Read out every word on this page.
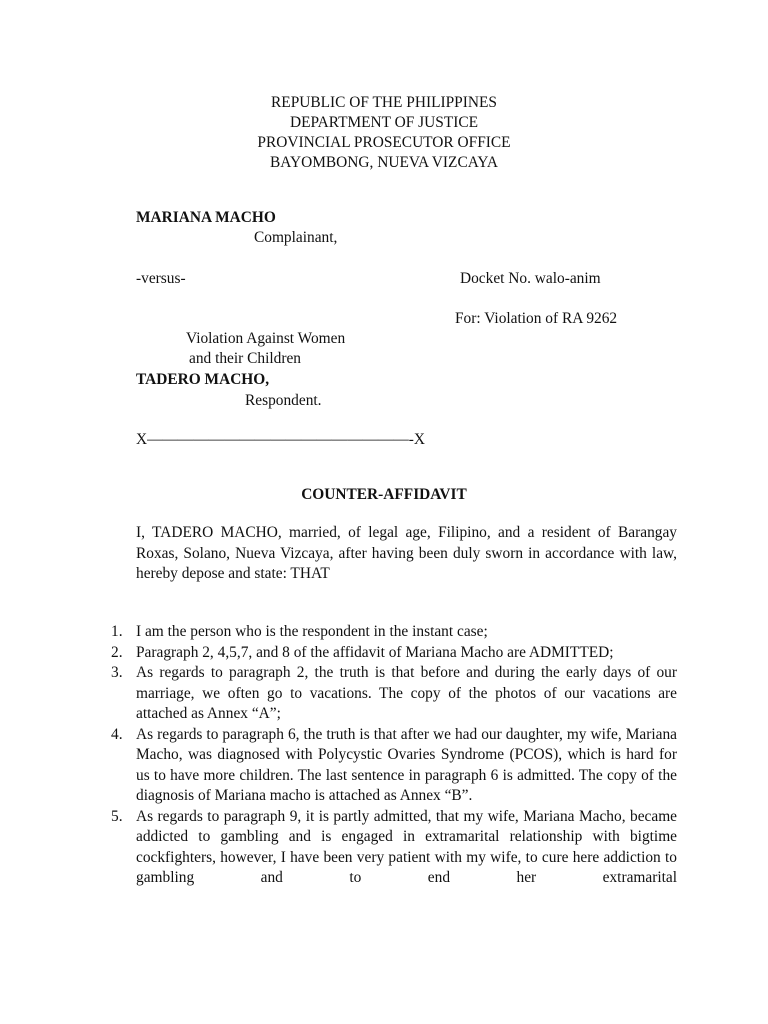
REPUBLIC OF THE PHILIPPINES
DEPARTMENT OF JUSTICE
PROVINCIAL PROSECUTOR OFFICE
BAYOMBONG, NUEVA VIZCAYA
MARIANA MACHO
Complainant,
-versus-	Docket No. walo-anim
For: Violation of RA 9262
Violation Against Women
and their Children
TADERO MACHO,
Respondent.
X—————————————————-X
COUNTER-AFFIDAVIT
I, TADERO MACHO, married, of legal age, Filipino, and a resident of Barangay Roxas, Solano, Nueva Vizcaya, after having been duly sworn in accordance with law, hereby depose and state: THAT
1. I am the person who is the respondent in the instant case;
2. Paragraph 2, 4,5,7, and 8 of the affidavit of Mariana Macho are ADMITTED;
3. As regards to paragraph 2, the truth is that before and during the early days of our marriage, we often go to vacations. The copy of the photos of our vacations are attached as Annex “A”;
4. As regards to paragraph 6, the truth is that after we had our daughter, my wife, Mariana Macho, was diagnosed with Polycystic Ovaries Syndrome (PCOS), which is hard for us to have more children. The last sentence in paragraph 6 is admitted. The copy of the diagnosis of Mariana macho is attached as Annex “B”.
5. As regards to paragraph 9, it is partly admitted, that my wife, Mariana Macho, became addicted to gambling and is engaged in extramarital relationship with bigtime cockfighters, however, I have been very patient with my wife, to cure here addiction to gambling and to end her extramarital
